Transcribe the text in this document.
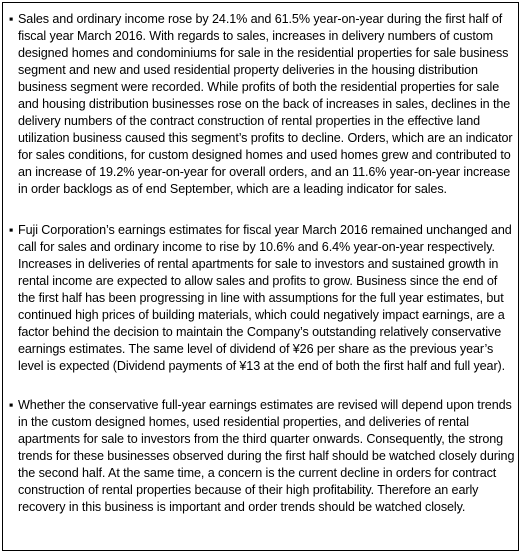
▪ Sales and ordinary income rose by 24.1% and 61.5% year-on-year during the first half of fiscal year March 2016. With regards to sales, increases in delivery numbers of custom designed homes and condominiums for sale in the residential properties for sale business segment and new and used residential property deliveries in the housing distribution business segment were recorded. While profits of both the residential properties for sale and housing distribution businesses rose on the back of increases in sales, declines in the delivery numbers of the contract construction of rental properties in the effective land utilization business caused this segment’s profits to decline. Orders, which are an indicator for sales conditions, for custom designed homes and used homes grew and contributed to an increase of 19.2% year-on-year for overall orders, and an 11.6% year-on-year increase in order backlogs as of end September, which are a leading indicator for sales.
▪ Fuji Corporation’s earnings estimates for fiscal year March 2016 remained unchanged and call for sales and ordinary income to rise by 10.6% and 6.4% year-on-year respectively. Increases in deliveries of rental apartments for sale to investors and sustained growth in rental income are expected to allow sales and profits to grow. Business since the end of the first half has been progressing in line with assumptions for the full year estimates, but continued high prices of building materials, which could negatively impact earnings, are a factor behind the decision to maintain the Company’s outstanding relatively conservative earnings estimates. The same level of dividend of ¥26 per share as the previous year’s level is expected (Dividend payments of ¥13 at the end of both the first half and full year).
▪ Whether the conservative full-year earnings estimates are revised will depend upon trends in the custom designed homes, used residential properties, and deliveries of rental apartments for sale to investors from the third quarter onwards. Consequently, the strong trends for these businesses observed during the first half should be watched closely during the second half. At the same time, a concern is the current decline in orders for contract construction of rental properties because of their high profitability. Therefore an early recovery in this business is important and order trends should be watched closely.
